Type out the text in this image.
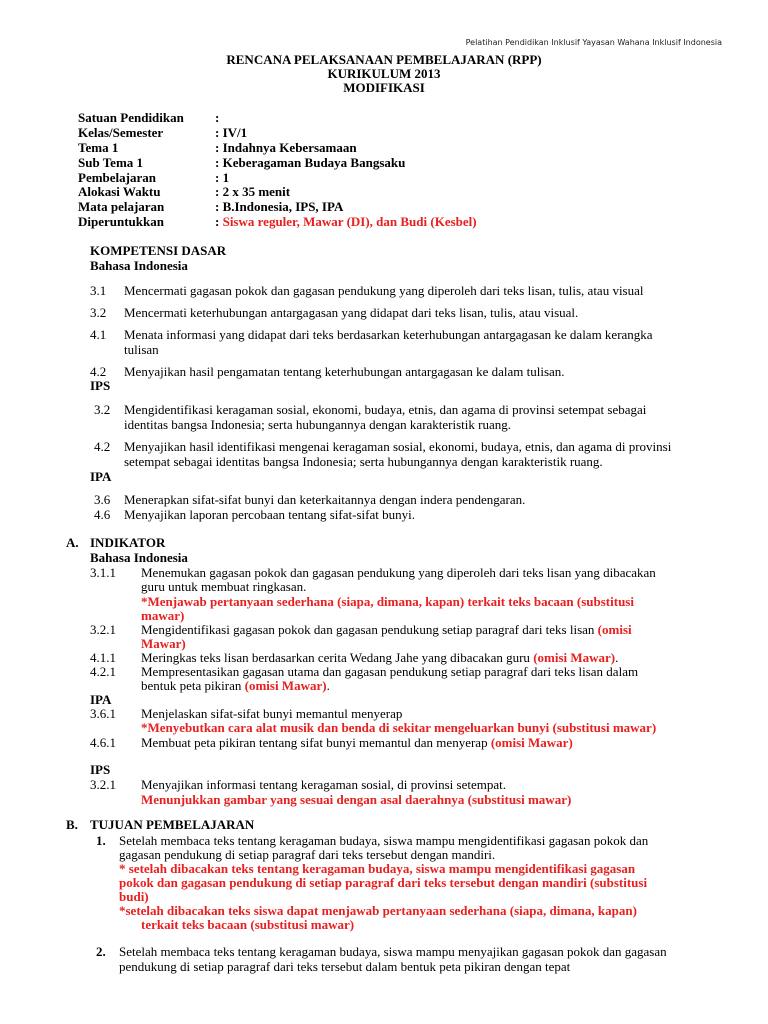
Pelatihan Pendidikan Inklusif Yayasan Wahana Inklusif Indonesia
RENCANA PELAKSANAAN PEMBELAJARAN (RPP)
KURIKULUM 2013
MODIFIKASI
Satuan Pendidikan :
Kelas/Semester	: IV/1
Tema 1	: Indahnya Kebersamaan
Sub Tema 1	: Keberagaman Budaya Bangsaku
Pembelajaran	: 1
Alokasi Waktu	: 2 x 35 menit
Mata pelajaran	: B.Indonesia, IPS, IPA
Diperuntukkan	: Siswa reguler, Mawar (DI), dan Budi (Kesbel)
KOMPETENSI DASAR
Bahasa Indonesia
3.1 Mencermati gagasan pokok dan gagasan pendukung yang diperoleh dari teks lisan, tulis, atau visual
3.2 Mencermati keterhubungan antargagasan yang didapat dari teks lisan, tulis, atau visual.
4.1 Menata informasi yang didapat dari teks berdasarkan keterhubungan antargagasan ke dalam kerangka
tulisan
4.2 Menyajikan hasil pengamatan tentang keterhubungan antargagasan ke dalam tulisan.
IPS
3.2 Mengidentifikasi keragaman sosial, ekonomi, budaya, etnis, dan agama di provinsi setempat sebagai
identitas bangsa Indonesia; serta hubungannya dengan karakteristik ruang.
4.2 Menyajikan hasil identifikasi mengenai keragaman sosial, ekonomi, budaya, etnis, dan agama di provinsi
setempat sebagai identitas bangsa Indonesia; serta hubungannya dengan karakteristik ruang.
IPA
3.6 Menerapkan sifat-sifat bunyi dan keterkaitannya dengan indera pendengaran.
4.6 Menyajikan laporan percobaan tentang sifat-sifat bunyi.
A. INDIKATOR
Bahasa Indonesia
3.1.1 Menemukan gagasan pokok dan gagasan pendukung yang diperoleh dari teks lisan yang dibacakan
guru untuk membuat ringkasan.
*Menjawab pertanyaan sederhana (siapa, dimana, kapan) terkait teks bacaan (substitusi
mawar)
3.2.1 Mengidentifikasi gagasan pokok dan gagasan pendukung setiap paragraf dari teks lisan (omisi
Mawar)
4.1.1 Meringkas teks lisan berdasarkan cerita Wedang Jahe yang dibacakan guru (omisi Mawar).
4.2.1 Mempresentasikan gagasan utama dan gagasan pendukung setiap paragraf dari teks lisan dalam
bentuk peta pikiran (omisi Mawar).
IPA
3.6.1 Menjelaskan sifat-sifat bunyi memantul menyerap
*Menyebutkan cara alat musik dan benda di sekitar mengeluarkan bunyi (substitusi mawar)
4.6.1 Membuat peta pikiran tentang sifat bunyi memantul dan menyerap (omisi Mawar)
IPS
3.2.1 Menyajikan informasi tentang keragaman sosial, di provinsi setempat.
Menunjukkan gambar yang sesuai dengan asal daerahnya (substitusi mawar)
B. TUJUAN PEMBELAJARAN
1. Setelah membaca teks tentang keragaman budaya, siswa mampu mengidentifikasi gagasan pokok dan
gagasan pendukung di setiap paragraf dari teks tersebut dengan mandiri.
* setelah dibacakan teks tentang keragaman budaya, siswa mampu mengidentifikasi gagasan
pokok dan gagasan pendukung di setiap paragraf dari teks tersebut dengan mandiri (substitusi
budi)
*setelah dibacakan teks siswa dapat menjawab pertanyaan sederhana (siapa, dimana, kapan)
terkait teks bacaan (substitusi mawar)
2. Setelah membaca teks tentang keragaman budaya, siswa mampu menyajikan gagasan pokok dan gagasan
pendukung di setiap paragraf dari teks tersebut dalam bentuk peta pikiran dengan tepat
